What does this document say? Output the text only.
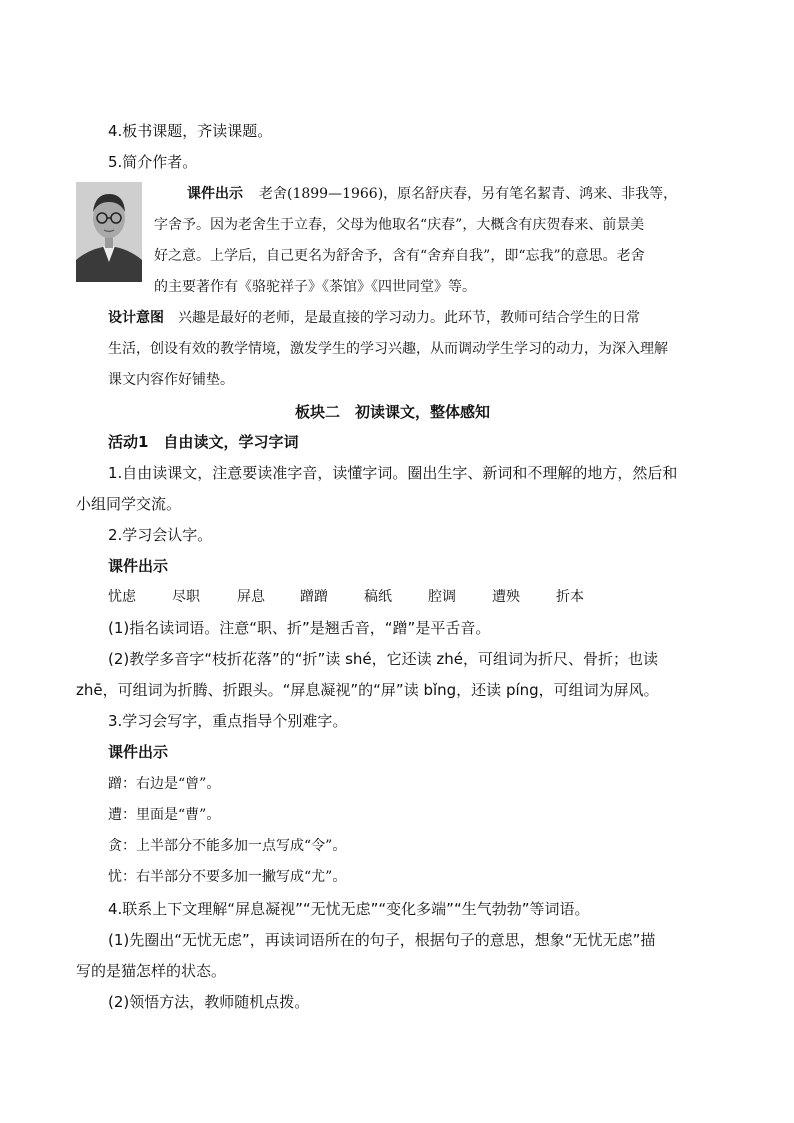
4.板书课题，齐读课题。
5.简介作者。
课件出示 老舍(1899—1966)，原名舒庆春，另有笔名絜青、鸿来、非我等，
字舍予。因为老舍生于立春，父母为他取名“庆春”，大概含有庆贺春来、前景美
好之意。上学后，自己更名为舒舍予，含有“舍弃自我”，即“忘我”的意思。老舍
的主要著作有《骆驼祥子》《茶馆》《四世同堂》等。
设计意图 兴趣是最好的老师，是最直接的学习动力。此环节，教师可结合学生的日常
生活，创设有效的教学情境，激发学生的学习兴趣，从而调动学生学习的动力，为深入理解
课文内容作好铺垫。
板块二　初读课文，整体感知
活动1　自由读文，学习字词
1.自由读课文，注意要读准字音，读懂字词。圈出生字、新词和不理解的地方，然后和
小组同学交流。
2.学习会认字。
课件出示
忧虑	尽职	屏息	蹭蹭	稿纸	腔调	遭殃	折本
(1)指名读词语。注意“职、折”是翘舌音，“蹭”是平舌音。
(2)教学多音字“枝折花落”的“折”读 shé，它还读 zhé，可组词为折尺、骨折；也读
zhē，可组词为折腾、折跟头。“屏息凝视”的“屏”读 bǐng，还读 píng，可组词为屏风。
3.学习会写字，重点指导个别难字。
课件出示
蹭：右边是“曾”。
遭：里面是“曹”。
贪：上半部分不能多加一点写成“令”。
忧：右半部分不要多加一撇写成“尤”。
4.联系上下文理解“屏息凝视”“无忧无虑”“变化多端”“生气勃勃”等词语。
(1)先圈出“无忧无虑”，再读词语所在的句子，根据句子的意思，想象“无忧无虑”描
写的是猫怎样的状态。
(2)领悟方法，教师随机点拨。
